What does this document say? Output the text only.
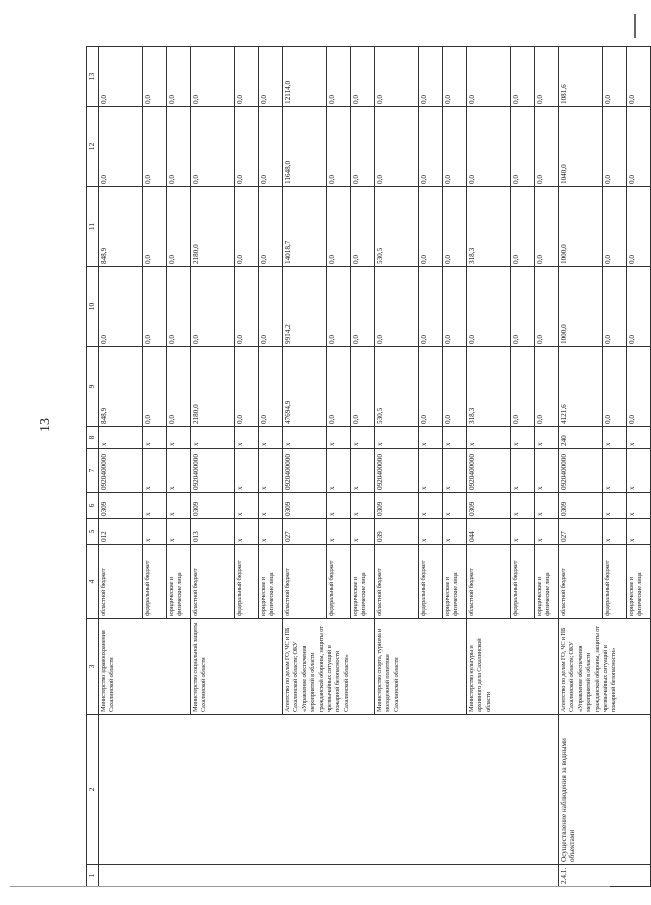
13
1	2	3	4	5	6	7	8	9	10	11	12	13
		Министерство здравоохранения Сахалинской области	областной бюджет	012	0309	0920400000	x	848,9	0,0	848,9	0,0	0,0
			федеральный бюджет	x	x	x	x	0,0	0,0	0,0	0,0	0,0
			юридические и физические лица	x	x	x	x	0,0	0,0	0,0	0,0	0,0
		Министерство социальной защиты Сахалинской области	областной бюджет	013	0309	0920400000	x	2180,0	0,0	2180,0	0,0	0,0
			федеральный бюджет	x	x	x	x	0,0	0,0	0,0	0,0	0,0
			юридические и физические лица	x	x	x	x	0,0	0,0	0,0	0,0	0,0
		Агентство по делам ГО, ЧС и ПБ Сахалинской области; ОКУ «Управление обеспечения мероприятий в области гражданской обороны, защиты от чрезвычайных ситуаций и пожарной безопасности Сахалинской области»	областной бюджет	027	0309	0920400000	x	47694,9	9914,2	14018,7	11648,0	12114,0
			федеральный бюджет	x	x	x	x	0,0	0,0	0,0	0,0	0,0
			юридические и физические лица	x	x	x	x	0,0	0,0	0,0	0,0	0,0
		Министерство спорта, туризма и молодежной политики Сахалинской области	областной бюджет	039	0309	0920400000	x	530,5	0,0	530,5	0,0	0,0
			федеральный бюджет	x	x	x	x	0,0	0,0	0,0	0,0	0,0
			юридические и физические лица	x	x	x	x	0,0	0,0	0,0	0,0	0,0
		Министерство культуры и архивного дела Сахалинской области	областной бюджет	044	0309	0920400000	x	318,3	0,0	318,3	0,0	0,0
			федеральный бюджет	x	x	x	x	0,0	0,0	0,0	0,0	0,0
			юридические и физические лица	x	x	x	x	0,0	0,0	0,0	0,0	0,0
2.4.1.	Осуществление наблюдения за водными объектами	Агентство по делам ГО, ЧС и ПБ Сахалинской области; ОКУ «Управление обеспечения мероприятий в области гражданской обороны, защиты от чрезвычайных ситуаций и пожарной безопасности»	областной бюджет	027	0309	0920400000	240	4121,6	1000,0	1000,0	1040,0	1081,6
			федеральный бюджет	x	x	x	x	0,0	0,0	0,0	0,0	0,0
			юридические и физические лица	x	x	x	x	0,0	0,0	0,0	0,0	0,0
